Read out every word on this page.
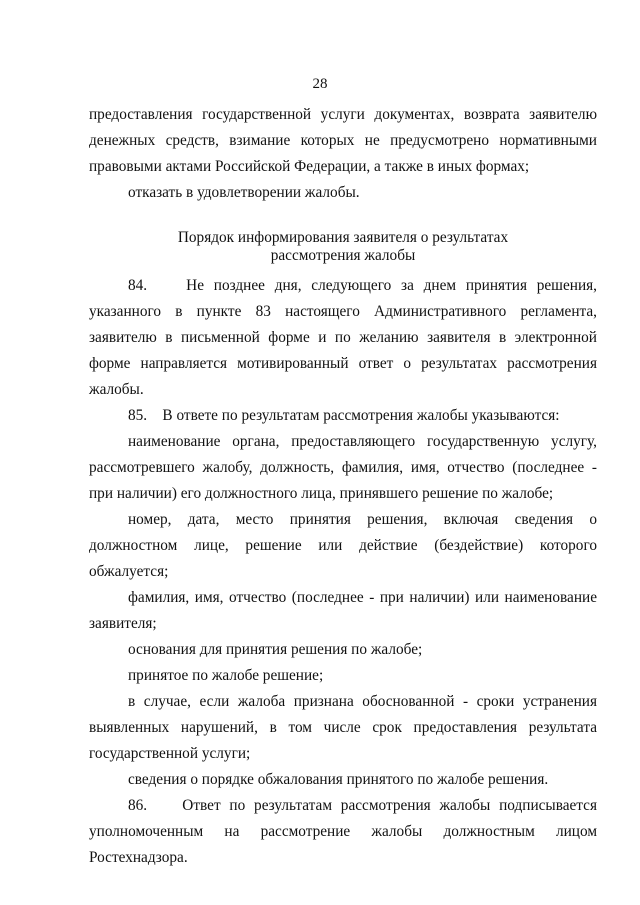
28

предоставления государственной услуги документах, возврата заявителю денежных средств, взимание которых не предусмотрено нормативными правовыми актами Российской Федерации, а также в иных формах;

отказать в удовлетворении жалобы.

Порядок информирования заявителя о результатах
рассмотрения жалобы

84.    Не позднее дня, следующего за днем принятия решения, указанного в пункте 83 настоящего Административного регламента, заявителю в письменной форме и по желанию заявителя в электронной форме направляется мотивированный ответ о результатах рассмотрения жалобы.

85.    В ответе по результатам рассмотрения жалобы указываются:

наименование органа, предоставляющего государственную услугу, рассмотревшего жалобу, должность, фамилия, имя, отчество (последнее - при наличии) его должностного лица, принявшего решение по жалобе;

номер, дата, место принятия решения, включая сведения о должностном лице, решение или действие (бездействие) которого обжалуется;

фамилия, имя, отчество (последнее - при наличии) или наименование заявителя;

основания для принятия решения по жалобе;

принятое по жалобе решение;

в случае, если жалоба признана обоснованной - сроки устранения выявленных нарушений, в том числе срок предоставления результата государственной услуги;

сведения о порядке обжалования принятого по жалобе решения.

86.    Ответ по результатам рассмотрения жалобы подписывается уполномоченным на рассмотрение жалобы должностным лицом Ростехнадзора.
